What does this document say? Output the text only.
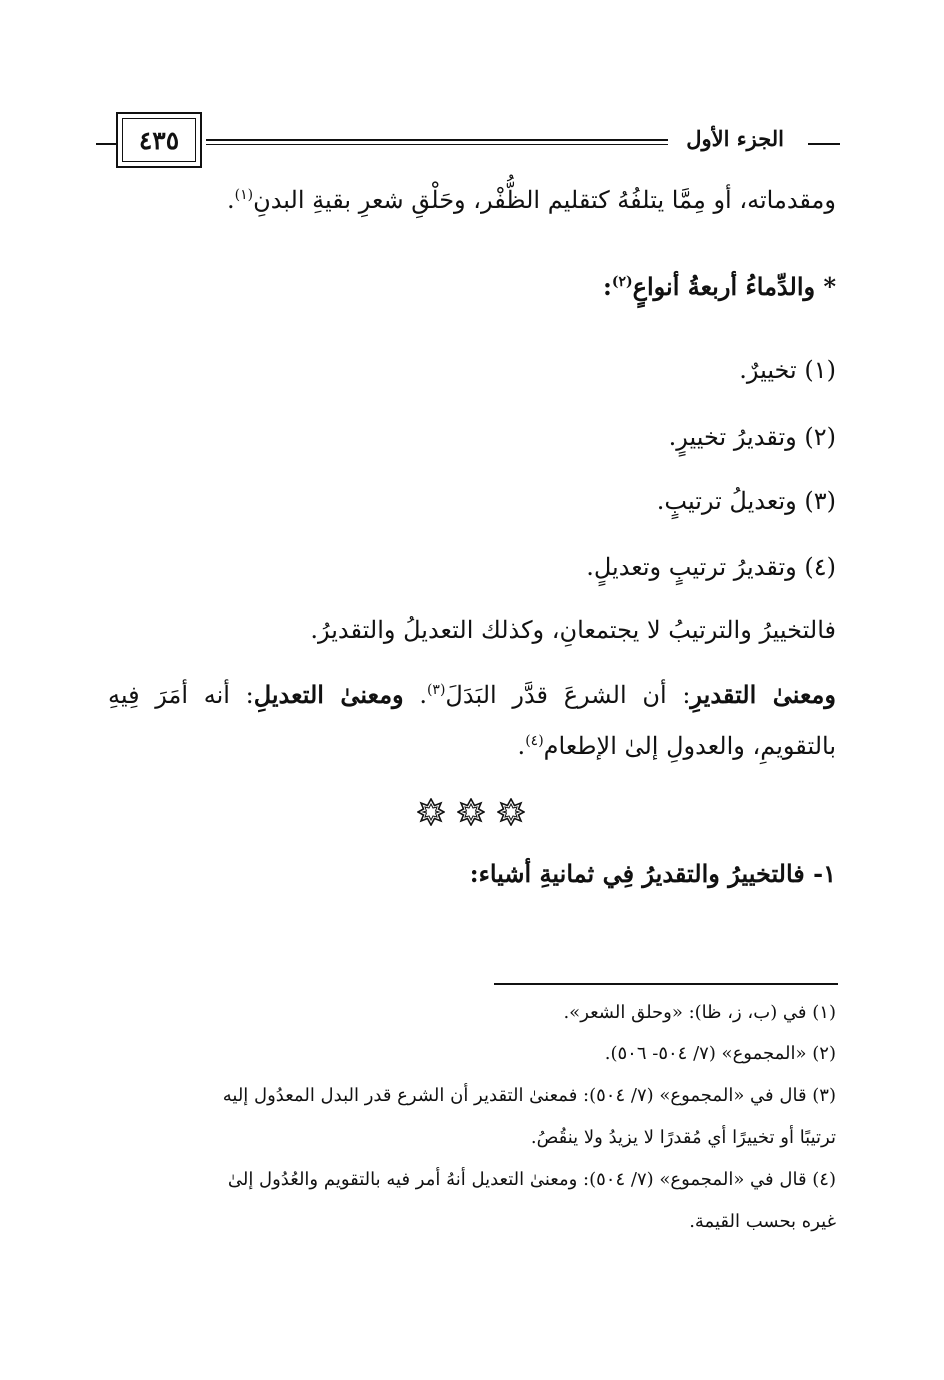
الجزء الأول
٤٣٥
ومقدماته، أو مِمَّا يتلفُهُ كتقليم الظُّفْر، وحَلْقِ شعرِ بقيةِ البدنِ$^{(١)}$.
* والدِّماءُ أربعةُ أنواعٍ$^{(٢)}$:
(١) تخييرٌ.
(٢) وتقديرُ تخييرٍ.
(٣) وتعديلُ ترتيبٍ.
(٤) وتقديرُ ترتيبٍ وتعديلٍ.
فالتخييرُ والترتيبُ لا يجتمعانِ، وكذلك التعديلُ والتقديرُ.
ومعنىٰ التقديرِ: أن الشرعَ قدَّر البَدَلَ$^{(٣)}$. ومعنىٰ التعديلِ: أنه أمَرَ فِيهِ
بالتقويمِ، والعدولِ إلىٰ الإطعام$^{(٤)}$.
١- فالتخييرُ والتقديرُ فِي ثمانيةِ أشياء:
(١) في (ب، ز، ظا): «وحلق الشعر».
(٢) «المجموع» (٧/ ٥٠٤- ٥٠٦).
(٣) قال في «المجموع» (٧/ ٥٠٤): فمعنىٰ التقدير أن الشرع قدر البدل المعدُول إليه
ترتيبًا أو تخييرًا أي مُقدرًا لا يزيدُ ولا ينقُصُ.
(٤) قال في «المجموع» (٧/ ٥٠٤): ومعنىٰ التعديل أنهُ أمر فيه بالتقويم والعُدُول إلىٰ
غيره بحسب القيمة.
